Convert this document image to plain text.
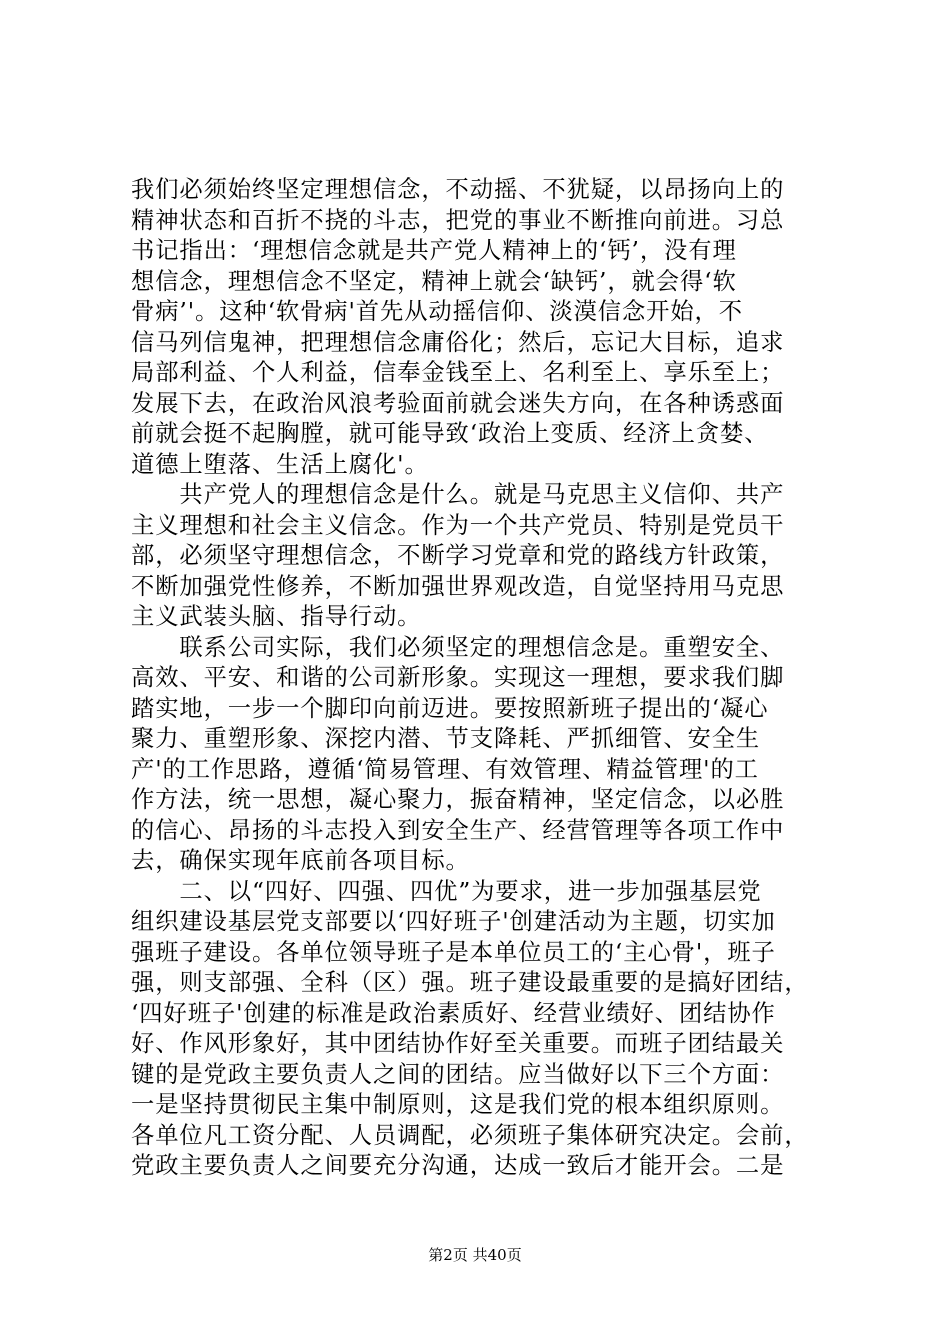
我们必须始终坚定理想信念，不动摇、不犹疑，以昂扬向上的
精神状态和百折不挠的斗志，把党的事业不断推向前进。习总
书记指出：‘理想信念就是共产党人精神上的‘钙’，没有理
想信念，理想信念不坚定，精神上就会‘缺钙’，就会得‘软
骨病’'。这种‘软骨病'首先从动摇信仰、淡漠信念开始，不
信马列信鬼神，把理想信念庸俗化；然后，忘记大目标，追求
局部利益、个人利益，信奉金钱至上、名利至上、享乐至上；
发展下去，在政治风浪考验面前就会迷失方向，在各种诱惑面
前就会挺不起胸膛，就可能导致‘政治上变质、经济上贪婪、
道德上堕落、生活上腐化'。
　　共产党人的理想信念是什么。就是马克思主义信仰、共产
主义理想和社会主义信念。作为一个共产党员、特别是党员干
部，必须坚守理想信念，不断学习党章和党的路线方针政策，
不断加强党性修养，不断加强世界观改造，自觉坚持用马克思
主义武装头脑、指导行动。
　　联系公司实际，我们必须坚定的理想信念是。重塑安全、
高效、平安、和谐的公司新形象。实现这一理想，要求我们脚
踏实地，一步一个脚印向前迈进。要按照新班子提出的‘凝心
聚力、重塑形象、深挖内潜、节支降耗、严抓细管、安全生
产'的工作思路，遵循‘简易管理、有效管理、精益管理'的工
作方法，统一思想，凝心聚力，振奋精神，坚定信念，以必胜
的信心、昂扬的斗志投入到安全生产、经营管理等各项工作中
去，确保实现年底前各项目标。
　　二、以“四好、四强、四优”为要求，进一步加强基层党
组织建设基层党支部要以‘四好班子'创建活动为主题，切实加
强班子建设。各单位领导班子是本单位员工的‘主心骨'，班子
强，则支部强、全科（区）强。班子建设最重要的是搞好团结，
‘四好班子'创建的标准是政治素质好、经营业绩好、团结协作
好、作风形象好，其中团结协作好至关重要。而班子团结最关
键的是党政主要负责人之间的团结。应当做好以下三个方面：
一是坚持贯彻民主集中制原则，这是我们党的根本组织原则。
各单位凡工资分配、人员调配，必须班子集体研究决定。会前，
党政主要负责人之间要充分沟通，达成一致后才能开会。二是
第2页 共40页
